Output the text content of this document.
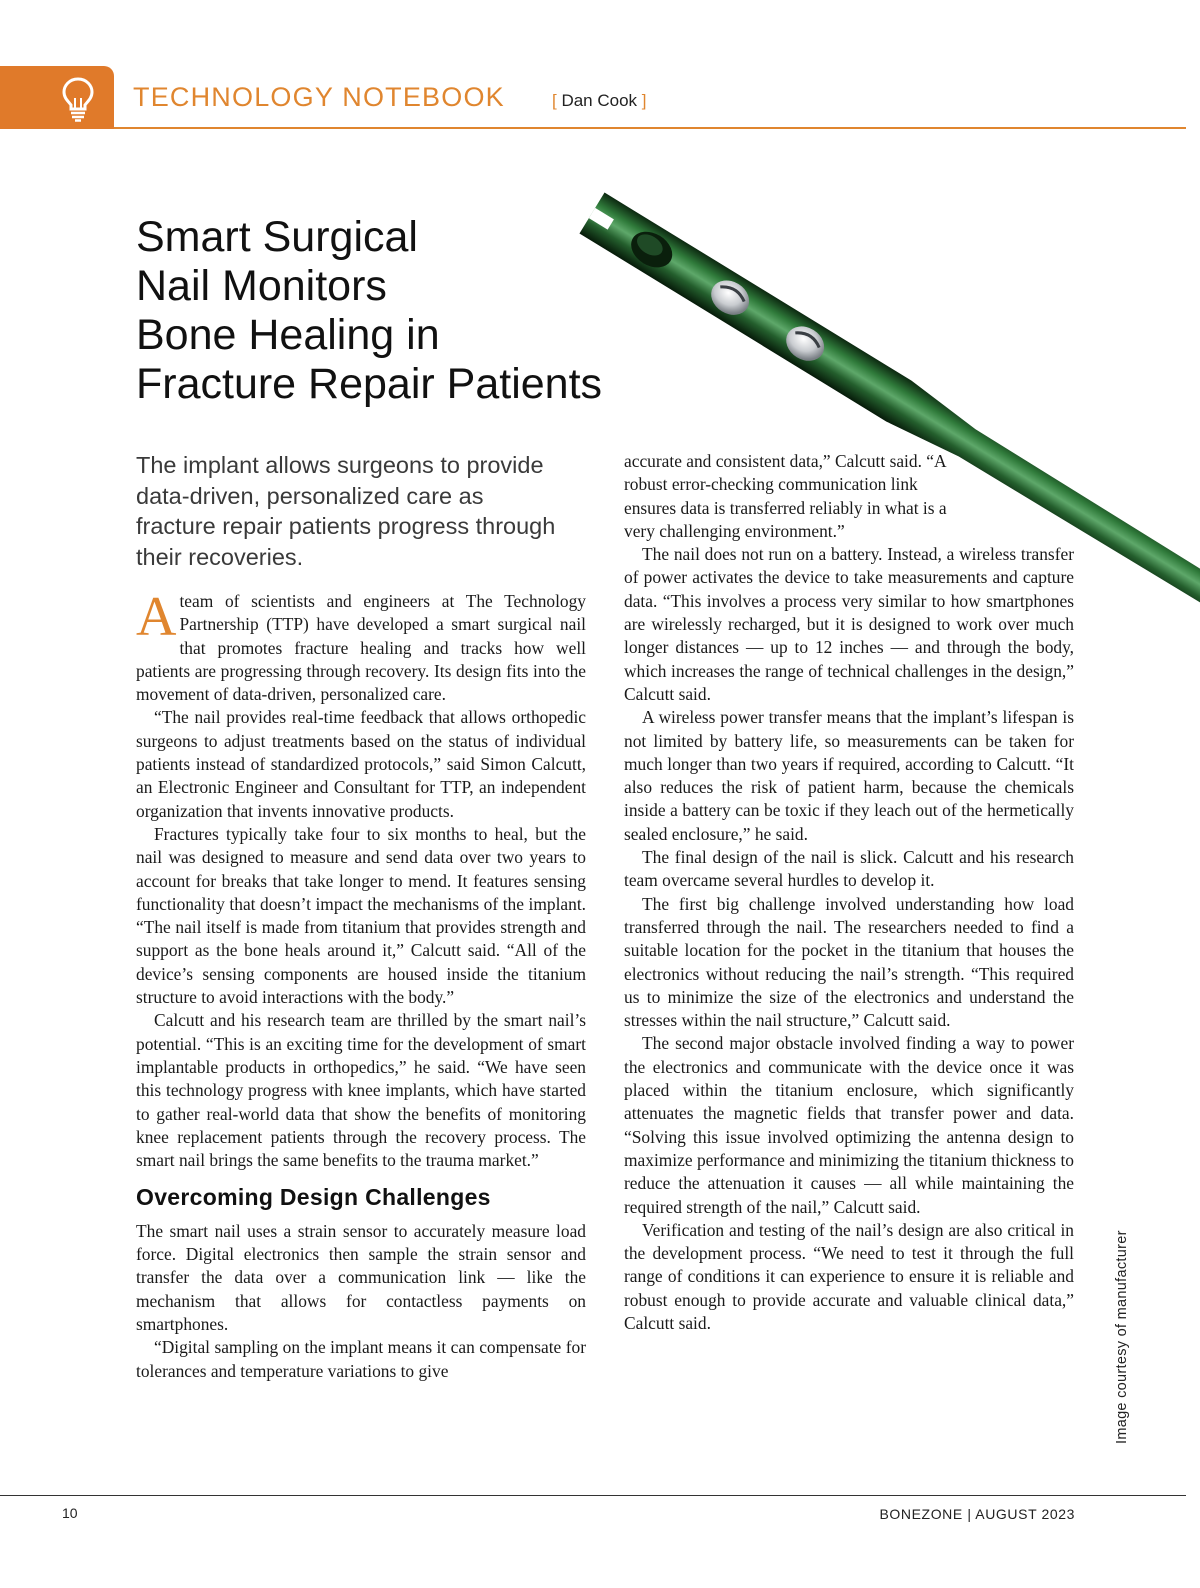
TECHNOLOGY NOTEBOOK	[ Dan Cook ]
Smart Surgical
Nail Monitors
Bone Healing in
Fracture Repair Patients

The implant allows surgeons to provide data-driven, personalized care as fracture repair patients progress through their recoveries.

Ateam of scientists and engineers at The Technology Partnership (TTP) have developed a smart surgical nail that promotes fracture healing and tracks how well patients are progressing through recovery. Its design fits into the movement of data-driven, personalized care.

“The nail provides real-time feedback that allows orthopedic surgeons to adjust treatments based on the status of individual patients instead of standardized protocols,” said Simon Calcutt, an Electronic Engineer and Consultant for TTP, an independent organization that invents innovative products.

Fractures typically take four to six months to heal, but the nail was designed to measure and send data over two years to account for breaks that take longer to mend. It features sensing functionality that doesn’t impact the mechanisms of the implant. “The nail itself is made from titanium that provides strength and support as the bone heals around it,” Calcutt said. “All of the device’s sensing components are housed inside the titanium structure to avoid interactions with the body.”

Calcutt and his research team are thrilled by the smart nail’s potential. “This is an exciting time for the development of smart implantable products in orthopedics,” he said. “We have seen this technology progress with knee implants, which have started to gather real-world data that show the benefits of monitoring knee replacement patients through the recovery process. The smart nail brings the same benefits to the trauma market.”

Overcoming Design Challenges

The smart nail uses a strain sensor to accurately measure load force. Digital electronics then sample the strain sensor and transfer the data over a communication link — like the mechanism that allows for contactless payments on smartphones.

“Digital sampling on the implant means it can compensate for tolerances and temperature variations to give

accurate and consistent data,” Calcutt said. “A robust error-checking communication link ensures data is transferred reliably in what is a very challenging environment.”

The nail does not run on a battery. Instead, a wireless transfer of power activates the device to take measurements and capture data. “This involves a process very similar to how smartphones are wirelessly recharged, but it is designed to work over much longer distances — up to 12 inches — and through the body, which increases the range of technical challenges in the design,” Calcutt said.

A wireless power transfer means that the implant’s lifespan is not limited by battery life, so measurements can be taken for much longer than two years if required, according to Calcutt. “It also reduces the risk of patient harm, because the chemicals inside a battery can be toxic if they leach out of the hermetically sealed enclosure,” he said.

The final design of the nail is slick. Calcutt and his research team overcame several hurdles to develop it.

The first big challenge involved understanding how load transferred through the nail. The researchers needed to find a suitable location for the pocket in the titanium that houses the electronics without reducing the nail’s strength. “This required us to minimize the size of the electronics and understand the stresses within the nail structure,” Calcutt said.

The second major obstacle involved finding a way to power the electronics and communicate with the device once it was placed within the titanium enclosure, which significantly attenuates the magnetic fields that transfer power and data. “Solving this issue involved optimizing the antenna design to maximize performance and minimizing the titanium thickness to reduce the attenuation it causes — all while maintaining the required strength of the nail,” Calcutt said.

Verification and testing of the nail’s design are also critical in the development process. “We need to test it through the full range of conditions it can experience to ensure it is reliable and robust enough to provide accurate and valuable clinical data,” Calcutt said.	Image courtesy of manufacturer
10	BONEZONE | AUGUST 2023
